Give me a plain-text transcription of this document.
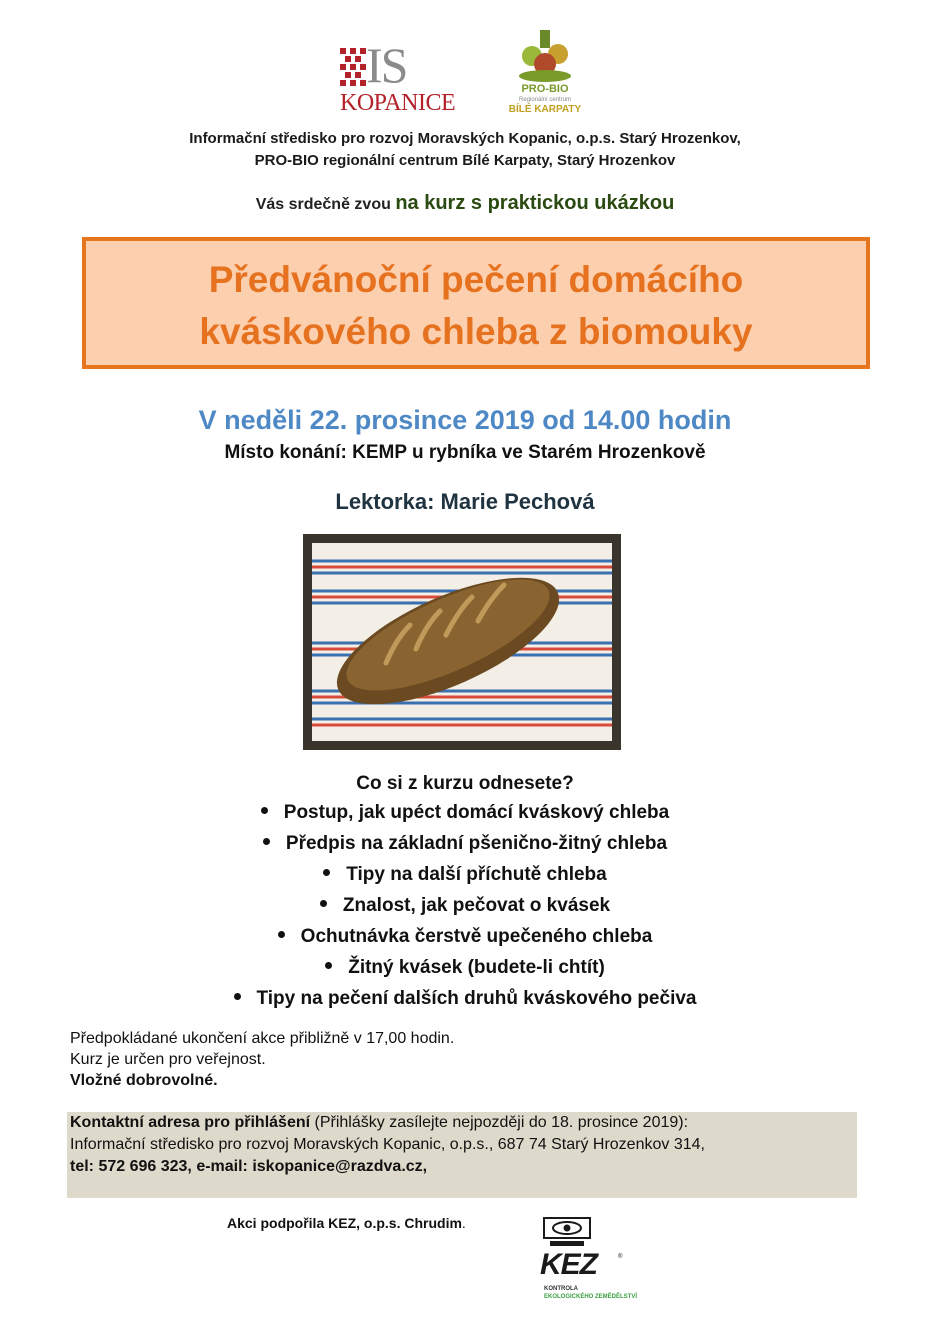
IS
KOPANICE
PRO-BIO
Regionální centrum
BÍLÉ KARPATY
Informační středisko pro rozvoj Moravských Kopanic, o.p.s. Starý Hrozenkov,
PRO-BIO regionální centrum Bílé Karpaty, Starý Hrozenkov
Vás srdečně zvou na kurz s praktickou ukázkou
Předvánoční pečení domácího
kváskového chleba z biomouky
V neděli 22. prosince 2019 od 14.00 hodin
Místo konání: KEMP u rybníka ve Starém Hrozenkově
Lektorka: Marie Pechová
Co si z kurzu odnesete?
Postup, jak upéct domácí kváskový chleba
Předpis na základní pšeničnо-žitný chleba
Tipy na další příchutě chleba
Znalost, jak pečovat o kvásek
Ochutnávka čerstvě upečeného chleba
Žitný kvásek (budete-li chtít)
Tipy na pečení dalších druhů kváskového pečiva
Předpokládané ukončení akce přibližně v 17,00 hodin.
Kurz je určen pro veřejnost.
Vložné dobrovolné.
Kontaktní adresa pro přihlášení (Přihlášky zasílejte nejpozději do 18. prosince 2019):
Informační středisko pro rozvoj Moravských Kopanic, o.p.s., 687 74 Starý Hrozenkov 314,
tel: 572 696 323, e-mail: iskopanice@razdva.cz,
Akci podpořila KEZ, o.p.s. Chrudim.
KEZ	®
KONTROLA
EKOLOGICKÉHO ZEMĚDĚLSTVÍ
